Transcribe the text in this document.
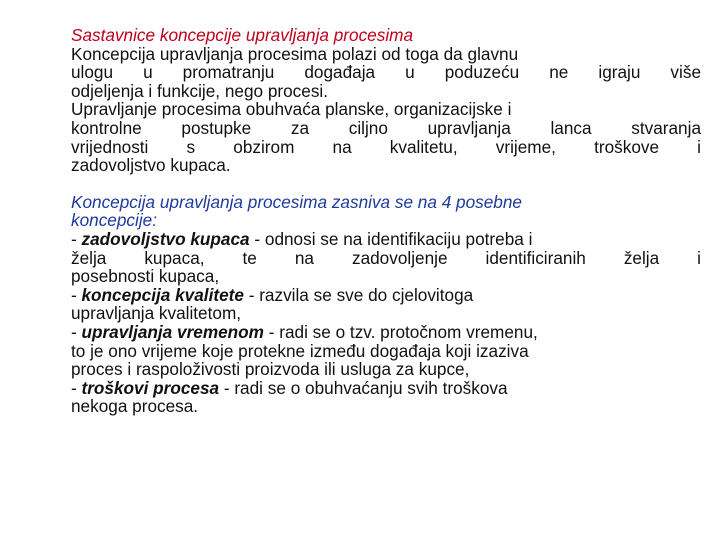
Sastavnice koncepcije upravljanja procesima
Koncepcija upravljanja procesima polazi od toga da glavnu
ulogu u promatranju događaja u poduzeću ne igraju više
odjeljenja i funkcije, nego procesi.
Upravljanje procesima obuhvaća planske, organizacijske i
kontrolne postupke za ciljno upravljanja lanca stvaranja
vrijednosti s obzirom na kvalitetu, vrijeme, troškove i
zadovoljstvo kupaca.
Koncepcija upravljanja procesima zasniva se na 4 posebne
koncepcije:
- zadovoljstvo kupaca - odnosi se na identifikaciju potreba i
želja kupaca, te na zadovoljenje identificiranih želja i
posebnosti kupaca,
- koncepcija kvalitete - razvila se sve do cjelovitoga
upravljanja kvalitetom,
- upravljanja vremenom - radi se o tzv. protočnom vremenu,
to je ono vrijeme koje protekne između događaja koji izaziva
proces i raspoloživosti proizvoda ili usluga za kupce,
- troškovi procesa - radi se o obuhvaćanju svih troškova
nekoga procesa.
